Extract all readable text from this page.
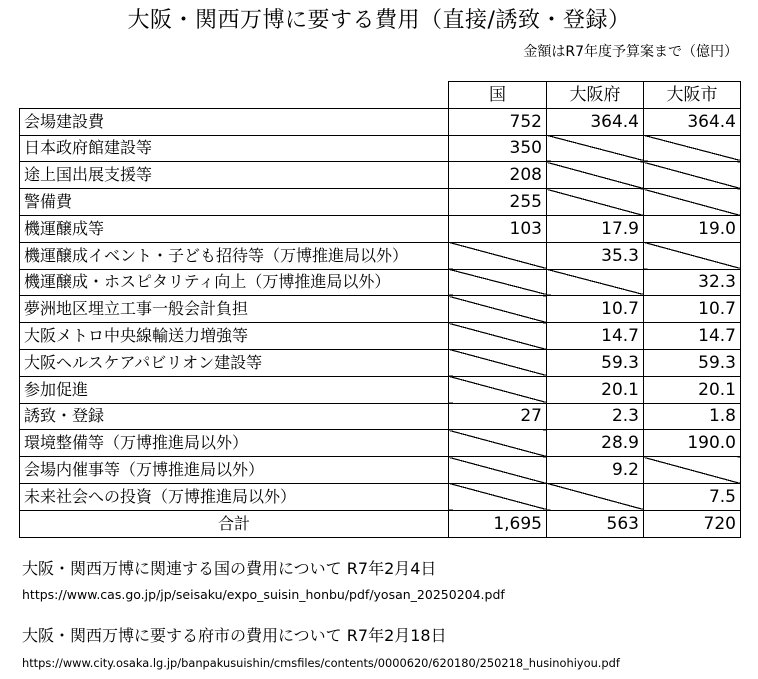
大阪・関西万博に要する費用（直接/誘致・登録）
金額はR7年度予算案まで（億円）
	国	大阪府	大阪市
会場建設費	752	364.4	364.4
日本政府館建設等	350		
途上国出展支援等	208		
警備費	255		
機運醸成等	103	17.9	19.0
機運醸成イベント・子ども招待等（万博推進局以外）		35.3	
機運醸成・ホスピタリティ向上（万博推進局以外）			32.3
夢洲地区埋立工事一般会計負担		10.7	10.7
大阪メトロ中央線輸送力増強等		14.7	14.7
大阪ヘルスケアパビリオン建設等		59.3	59.3
参加促進		20.1	20.1
誘致・登録	27	2.3	1.8
環境整備等（万博推進局以外）		28.9	190.0
会場内催事等（万博推進局以外）		9.2	
未来社会への投資（万博推進局以外）			7.5
合計	1,695	563	720
大阪・関西万博に関連する国の費用について R7年2月4日
https://www.cas.go.jp/jp/seisaku/expo_suisin_honbu/pdf/yosan_20250204.pdf
大阪・関西万博に要する府市の費用について R7年2月18日
https://www.city.osaka.lg.jp/banpakusuishin/cmsfiles/contents/0000620/620180/250218_husinohiyou.pdf
